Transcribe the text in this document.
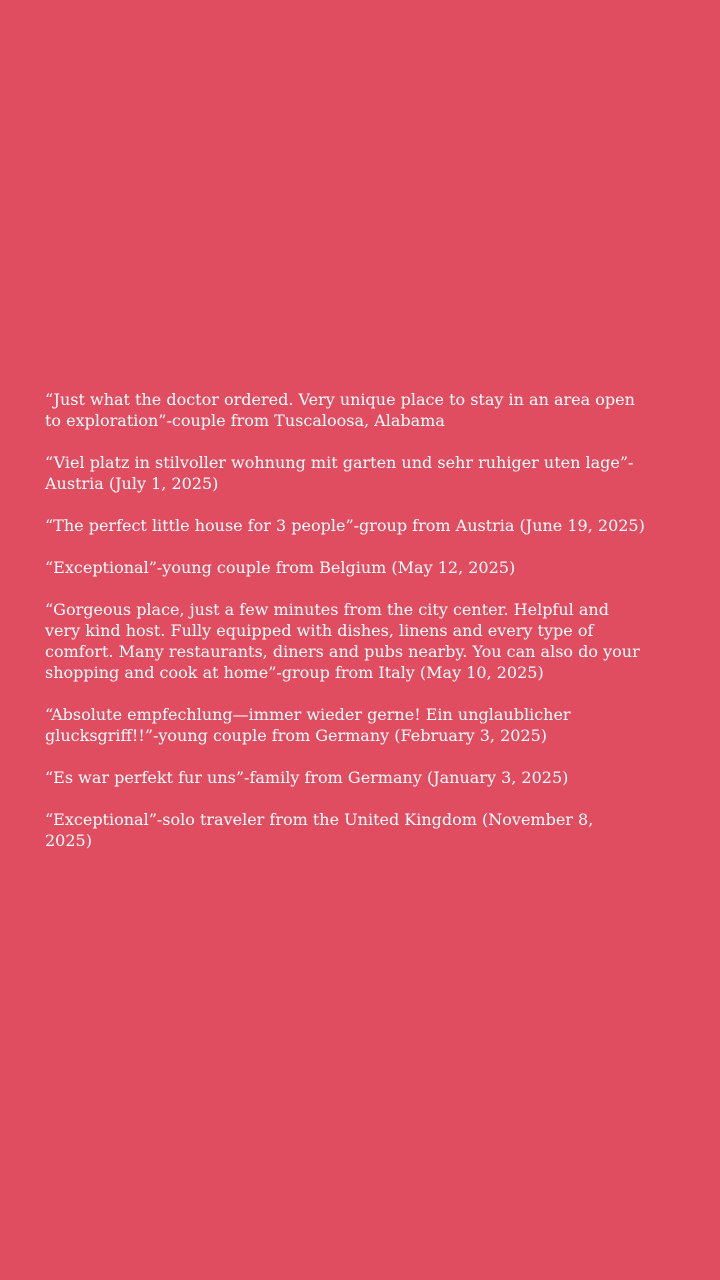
“Just what the doctor ordered. Very unique place to stay in an area open to exploration”-couple from Tuscaloosa, Alabama

“Viel platz in stilvoller wohnung mit garten und sehr ruhiger uten lage”-Austria (July 1, 2025)

“The perfect little house for 3 people”-group from Austria (June 19, 2025)

“Exceptional”-young couple from Belgium (May 12, 2025)

“Gorgeous place, just a few minutes from the city center. Helpful and very kind host. Fully equipped with dishes, linens and every type of comfort. Many restaurants, diners and pubs nearby. You can also do your shopping and cook at home”-group from Italy (May 10, 2025)

“Absolute empfechlung—immer wieder gerne! Ein unglaublicher glucksgriff!!”-young couple from Germany (February 3, 2025)

“Es war perfekt fur uns”-family from Germany (January 3, 2025)

“Exceptional”-solo traveler from the United Kingdom (November 8, 2025)
